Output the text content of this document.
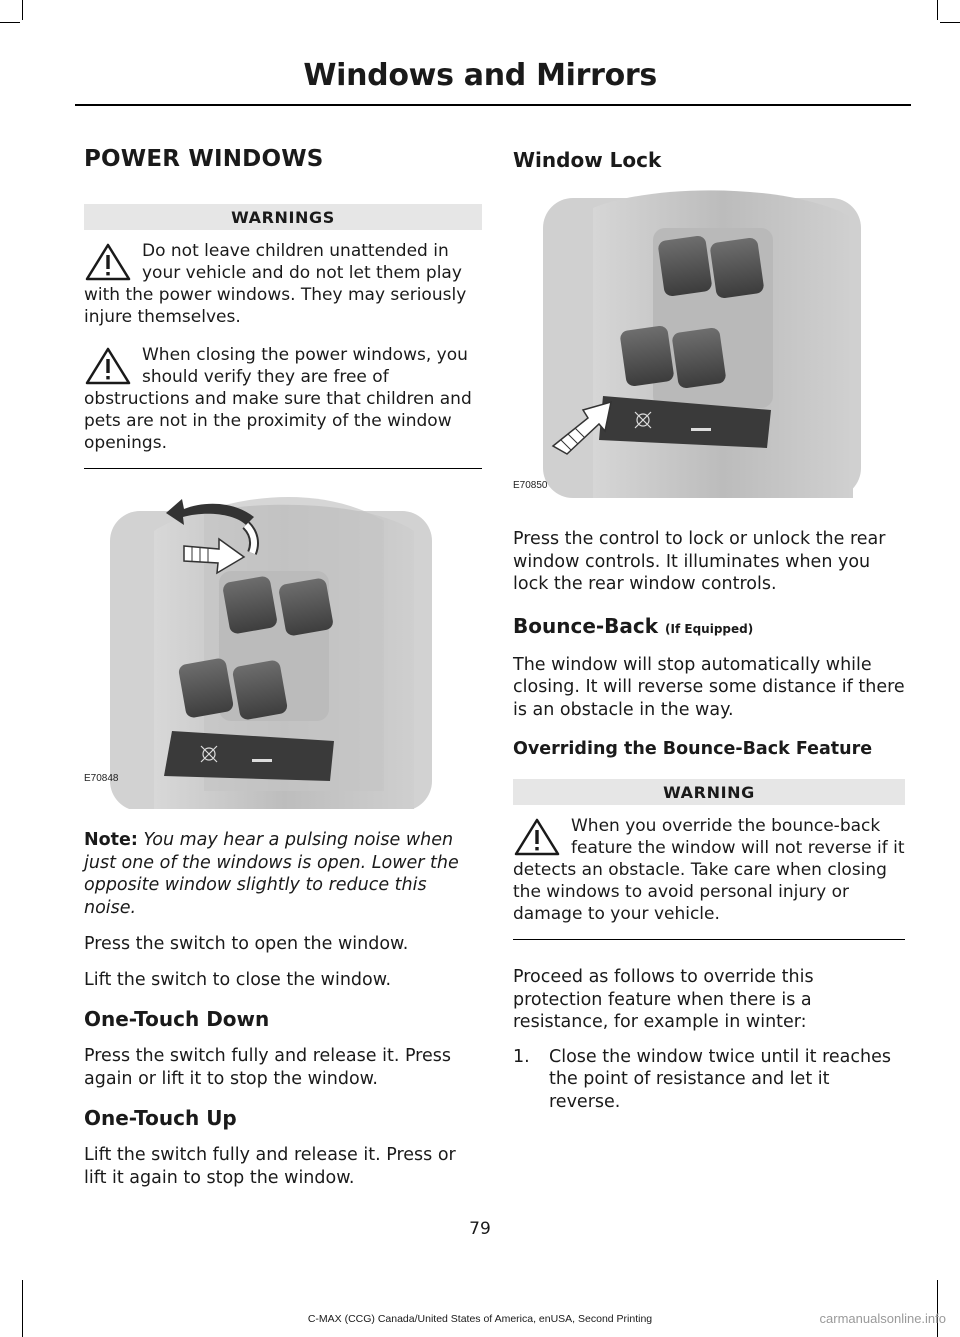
Windows and Mirrors
POWER WINDOWS
WARNINGS
Do not leave children unattended in your vehicle and do not let them play with the power windows. They may seriously injure themselves.
When closing the power windows, you should verify they are free of obstructions and make sure that children and pets are not in the proximity of the window openings.
E70848

Note: You may hear a pulsing noise when just one of the windows is open. Lower the opposite window slightly to reduce this noise.

Press the switch to open the window.

Lift the switch to close the window.

One-Touch Down

Press the switch fully and release it. Press again or lift it to stop the window.

One-Touch Up

Lift the switch fully and release it. Press or lift it again to stop the window.

Window Lock
E70850

Press the control to lock or unlock the rear window controls. It illuminates when you lock the rear window controls.

Bounce-Back (If Equipped)

The window will stop automatically while closing. It will reverse some distance if there is an obstacle in the way.

Overriding the Bounce-Back Feature
WARNING
When you override the bounce-back feature the window will not reverse if it detects an obstacle. Take care when closing the windows to avoid personal injury or damage to your vehicle.

Proceed as follows to override this protection feature when there is a resistance, for example in winter:

1.	Close the window twice until it reaches the point of resistance and let it reverse.
79
C-MAX (CCG) Canada/United States of America, enUSA, Second Printing	carmanualsonline.info
